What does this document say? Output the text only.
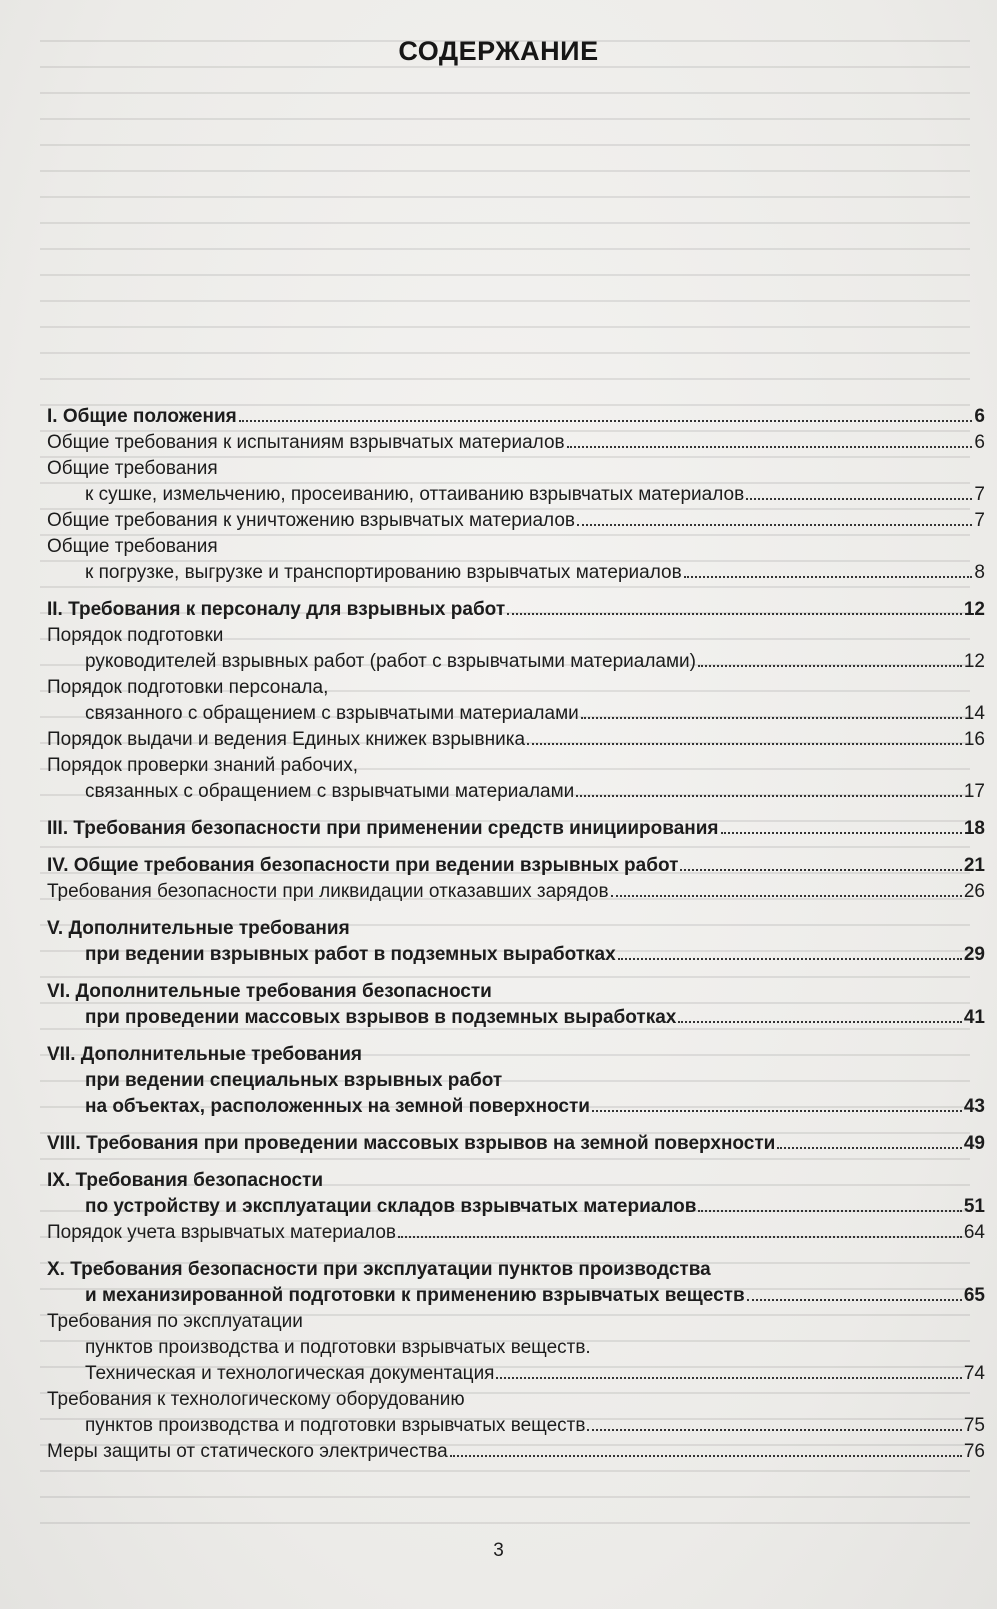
СОДЕРЖАНИЕ
I. Общие положения	6
Общие требования к испытаниям взрывчатых материалов	6
Общие требования
к сушке, измельчению, просеиванию, оттаиванию взрывчатых материалов	7
Общие требования к уничтожению взрывчатых материалов	7
Общие требования
к погрузке, выгрузке и транспортированию взрывчатых материалов	8
II. Требования к персоналу для взрывных работ	12
Порядок подготовки
руководителей взрывных работ (работ с взрывчатыми материалами)	12
Порядок подготовки персонала,
связанного с обращением с взрывчатыми материалами	14
Порядок выдачи и ведения Единых книжек взрывника	16
Порядок проверки знаний рабочих,
связанных с обращением с взрывчатыми материалами	17
III. Требования безопасности при применении средств инициирования	18
IV. Общие требования безопасности при ведении взрывных работ	21
Требования безопасности при ликвидации отказавших зарядов	26
V. Дополнительные требования
при ведении взрывных работ в подземных выработках	29
VI. Дополнительные требования безопасности
при проведении массовых взрывов в подземных выработках	41
VII. Дополнительные требования
при ведении специальных взрывных работ
на объектах, расположенных на земной поверхности	43
VIII. Требования при проведении массовых взрывов на земной поверхности	49
IX. Требования безопасности
по устройству и эксплуатации складов взрывчатых материалов	51
Порядок учета взрывчатых материалов	64
X. Требования безопасности при эксплуатации пунктов производства
и механизированной подготовки к применению взрывчатых веществ	65
Требования по эксплуатации
пунктов производства и подготовки взрывчатых веществ.
Техническая и технологическая документация	74
Требования к технологическому оборудованию
пунктов производства и подготовки взрывчатых веществ	75
Меры защиты от статического электричества	76
3
